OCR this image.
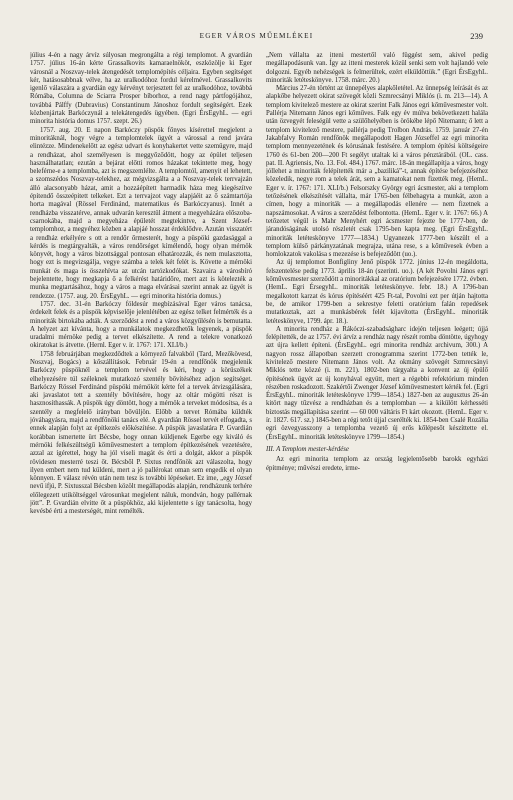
EGER VÁROS MŰEMLÉKEI	239

július 4-én a nagy árvíz súlyosan megrongálta a régi templomot. A gvardián 1757. július 16-án kérte Grassalkovits kamaraelnököt, eszközölje ki Eger városnál a Noszvay-telek átengedését templomépítés céljaira. Egyben segítséget kér, hatásosabbnak vélve, ha az uralkodóhoz fordul kérelmével. Grassalkovits igenlő válaszára a gvardián egy kérvényt terjesztett fel az uralkodóhoz, továbbá Rómába, Columna de Sciarra Prosper bíborhoz, a rend nagy pártfogójához, továbbá Pálffy (Dubravius) Constantinum Jánoshoz fordult segítségért. Ezek közbenjártak Barkóczynál a telekátengedés ügyében. (Egri ÉrsEgyhL. — egri minorita história domus 1757. szept. 26.)

1757. aug. 20. E napon Barkóczy püspök főnyes kíséretteI megjelent a minoritáknál, hogy végre a templomtelek ügyét a várossal a rend javára elintézze. Mindenekelőtt az egész udvart és konyhakertet vette szemügyre, majd a rendházat, ahol személyesen is meggyőződött, hogy az épület teljesen használhatatlan; ezután a bejárat előtti romos házakat tekintette meg, hogy beleférne-e a templomba, azt is megszemlélte. A templomtól, amenyit el lehetett, a szomszédos Noszvay-telekhez, az mégvizsgálta a a Noszvay-telek terrvajzán álló alacsonyabb házat, amit a hozzáépített harmadik háza meg kiegészítve építendő összeépitett telkeket. Ezt a terrvajzot vagy alapjáéit az ő számtartója horta magával (Rössel Ferdinánd, matematikus és Barkóczyanus). Innét a rendházba visszatérve, annak udvarán keresztül átment a megyeházára előszobacsarnokába, majd a megyeháza épületét megtekintve, a Szent József-templomhoz, a megyéhez közben a alapjáé hosszat érdeklődve. Azután visszatért a rendház erkélyére s ott a rendőr őrmesterét, hogy a püspöki gazdasággal a kérdés is megtárgyalták, a város rendőrséget kímélendő, hogy olyan mérnök könyvét, hogy a város bizottsággal pontosan elhatározzák, és nem mulasztotta, hogy ezt is megvizsgálja, vegye számba a telek két felét is. Követte a mérnöki munkát és maga is összehívta az utcán tartózkodókat. Szavaira a városbíró bejelentette, hogy megkapja ő a felkérést határidőre, mert azt is kötelezték a munka megtartásához, hogy a város a maga elvárásai szerint annak az ügyét is rendezze. (1757. aug. 20. ÉrsEgyhL. — egri minorita história domus.)

1757. dec. 31-én Barkóczy földesúr megbízásával Eger város tanácsa, érdekelt felek és a püspök képviselője jelenlétében az egész telket felmérték és a minoriták birtokába adták. A szerződést a rend a város közgyűlésén is bemutatta. A helyzet azt kívánta, hogy a munkálatok megkezdhetők legyenek, a püspök uradalmi mérnöke pedig a tervet elkészítette. A rend a telekre vonatkozó okiratokat is átvette. (Hernl. Eger v. ír. 1767: 171. XLI/b.)

1758 februárjában megkezdődtek a környező falvakból (Tard, Mezőkövesd, Noszvaj, Bogács) a kőszállítások. Február 19-én a rendfőnök megjelenik Barkóczy püspöknél a templom tervével és kéri, hogy a körüszékek elhelyezésére túl széleknek mutatkozó szentély bővítéséhez adjon segítséget. Barkóczy Rössel Ferdinánd püspöki mérnököt kérte fel a tervek átvizsgálására, aki javaslatot tett a szentély bővítésére, hogy az oltár mögötti részt is hasznosíthassák. A püspök úgy döntött, hogy a mérnök a terveket módosítsa, és a szentély a megfelelő irányban bővüljön. Előbb a tervet Rómába küldték jóváhagyásra, majd a rendfőnöki tanács elé. A gvardián Rössel tervét elfogadta, s ennek alapján folyt az építkezés előkészítése. A püspök javaslatára P. Gvardián korábban ismertette ürt Bécsbe, hogy onnan küldjenek Egerbe egy kiváló és mérnöki felkészültségű kőművesmestert a templom építkezésének vezetésére, azzal az ígérettel, hogy ha jól viseli magát és érti a dolgát, akkor a püspök rövidesen mesterré teszi őt. Bécsből P. Sixtus rendfőnök azt válaszolta, hogy ilyen embert nem tud küldeni, mert a jó pallérokat oman sem engedik el olyan könnyen. E válasz révén után nem tesz is további lépéseket. Ez ime, „egy József nevű ifjú, P. Sixtusszal Bécsben közölt megállapodás alapján, rendházunk terhére előlegezett utiköltséggel városunkat megjelent náluk, mondván, hogy pallérnak jött”. P. Gvardián elvitte őt a püspökhöz, aki kijelentette s így tanácsolta, hogy kevésbé érti a mesterségét, mint remélték.

„Nem vállalta az itteni mestertől való függést sem, akivel pedig megállapodásunk van. Így az itteni mesterek közül senki sem volt hajlandó vele dolgozni. Egyéb nehézségek is felmerültek, ezért elküldöttük.” (Egri ÉrsEgyhL. minoriták letéteskönyve. 1758. márc. 20.)

Március 27-én történt az ünnepélyes alapkőletétel. Az ünnepség leírását és az alapkőbe helyezett okirat szövegét közli Szmrecsányi Miklós (i. m. 213—14). A templom kivitelező mestere az okirat szerint Falk János egri kőművesmester volt. Pallérja Nitemann János egri kőműves. Falk egy év múlva bekövetkezett halála után özvegyét feleségül vette a szülőhelyében is örökébe lépő Nitemann; ő lett a templom kivitelező mestere, pallérja pedig Trolbon András. 1759. január 27-én Jakabfalvy Román rendfőnök megállapodott Hagen Józseffel az egri minorita templom mennyezetének és kórusának festésére. A templom építési költségeire 1760 és 61-ben 200—200 Ft segélyt utaltak ki a város pénztárából. (OL. cass. pat. II. Agriensis, No. 13. Fol. 484.) 1767. márc. 18-án megállapítja a város, hogy jóllehet a minoriták felépítették már a „baziliká”-t, annak építése befejezéséhez közeledik, negye rom a telek árát, sem a kamatokat nem fizették meg. (HemL. Eger v. ír. 1767: 171. XLI/b.) Felsorszky György egri ácsmester, aki a templom tetőzésének elkészítését vállalta, már 1765-ben félbehagyta a munkát, azon a címen, hogy a minoriták — a megállapodás ellenére — nem fizetnek a napszámosokat. A város a szerződést felbontotta. (HemL. Eger v. ír. 1767: 66.) A tetőzetet végül is Mahr Menyhért egri ácsmester fejezte be 1777-ben, de járandóságának utolsó részletét csak 1795-ben kapta meg. (Egri ÉrsEgyhL. minoriták letéteskönyve 1777—1834.) Ugyanezek 1777-ben készült el a templom külső párkányzatának megrajza, utána rese, s a kőművesek évben a homlokzatok vakolása s mezezése is befejeződött (uo.).

Az új templomot Bonfigliny Jenő püspök 1772. június 12-én megáldotta, felszentelése pedig 1773. április 18-án (szerinti. uo.). (A két Povolni János egri kőművesmester szerződött a minoritákkal az oratórium befejezésére 1772. évben. (HemL. Egri ÉrsegyhL. minoriták letéteskönyve. febr. 18.) A 1796-ban megalkotott karzat és kórus építéséért 425 Ft-tal, Povolni ezt per útján hajtotta be, de amikor 1799-ben a sekrestye feletti oratórium falán repedések mutatkoztak, azt a munkásbérek felét kijavította (ÉrsEgyhL. minoriták letéteskönyve, 1799. ápr. 18.).

A minorita rendház a Rákóczi-szabadságharc idején teljesen leégett; újjá felépítették, de az 1757. évi árvíz a rendház nagy részét romba döntötte, úgyhogy azt újra kellett építeni. (ÉrsEgyhL. egri minorita rendház archivum, 300.) A nagyon rossz állapotban szerzett cronogramma szerint 1772-ben tették le, kivitelező mestere Nitemann János volt. Az okmány szövegét Szmrecsányi Miklós tette közzé (i. m. 221). 1802-ben tárgyalta a konvent az új épülő építésének ügyét az új konyhával együtt, mert a régebbi refektórium minden részében roskadozott. Szakértői Zwenger József kőművesmestert kérték fel. (Egri ÉrsEgyhL. minoriták letéteskönyve 1799—1854.) 1827-ben az augusztus 26-án kitört nagy tűzvész a rendházban és a templomban — a kikülött kérhesséti bíztostás megállapítása szerint — 60 000 váltáris Ft kárt okozott. (HemL. Eger v. ír. 1827. 617. sz.) 1845-ben a régi tetőt újjal cserélték ki. 1854-ben Csalé Rozália egri özvegyasszony a templomba vezető új erős kőlépesőt készíttette el. (ÉrsEgyhL. minoriták letéteskönyve 1799—1854.)

III. A Templom mester-kérdése

Az egri minorita templom az ország legjelentősebb barokk egyházi építménye; művészi eredete, irme-
